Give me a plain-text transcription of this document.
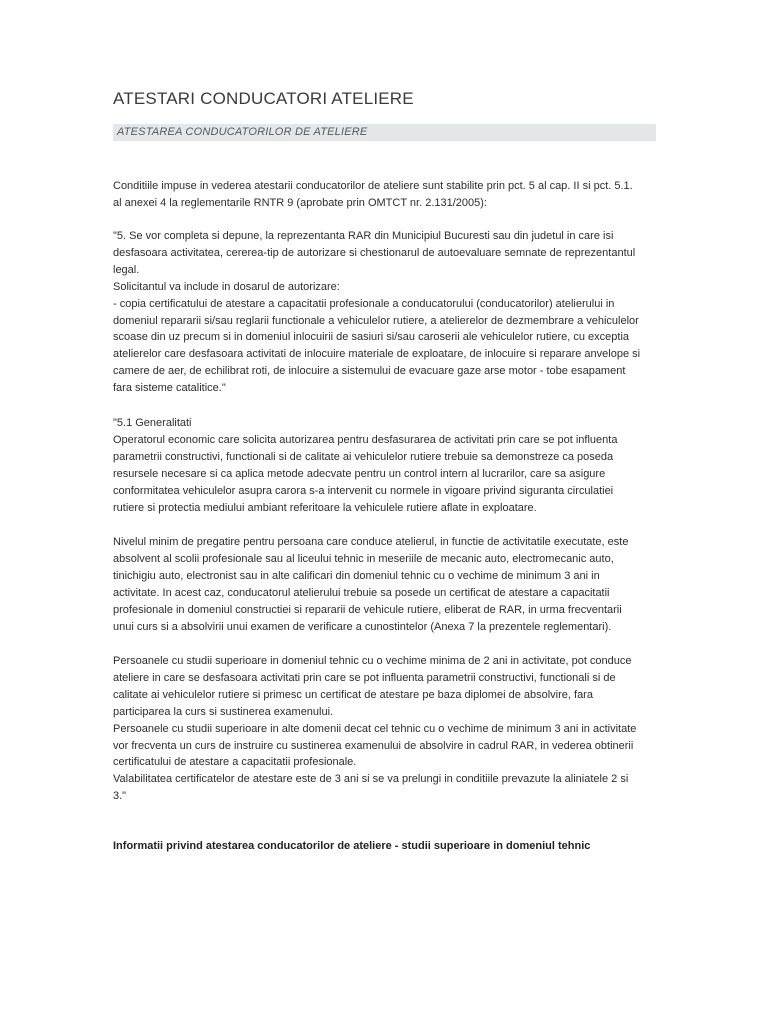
ATESTARI CONDUCATORI ATELIERE
ATESTAREA CONDUCATORILOR DE ATELIERE
Conditiile impuse in vederea atestarii conducatorilor de ateliere sunt stabilite prin pct. 5 al cap. II si pct. 5.1.
al anexei 4 la reglementarile RNTR 9 (aprobate prin OMTCT nr. 2.131/2005):
"5. Se vor completa si depune, la reprezentanta RAR din Municipiul Bucuresti sau din judetul in care isi
desfasoara activitatea, cererea-tip de autorizare si chestionarul de autoevaluare semnate de reprezentantul
legal.
Solicitantul va include in dosarul de autorizare:
- copia certificatului de atestare a capacitatii profesionale a conducatorului (conducatorilor) atelierului in
domeniul repararii si/sau reglarii functionale a vehiculelor rutiere, a atelierelor de dezmembrare a vehiculelor
scoase din uz precum si in domeniul inlocuirii de sasiuri si/sau caroserii ale vehiculelor rutiere, cu exceptia
atelierelor care desfasoara activitati de inlocuire materiale de exploatare, de inlocuire si reparare anvelope si
camere de aer, de echilibrat roti, de inlocuire a sistemului de evacuare gaze arse motor - tobe esapament
fara sisteme catalitice."
"5.1 Generalitati
Operatorul economic care solicita autorizarea pentru desfasurarea de activitati prin care se pot influenta
parametrii constructivi, functionali si de calitate ai vehiculelor rutiere trebuie sa demonstreze ca poseda
resursele necesare si ca aplica metode adecvate pentru un control intern al lucrarilor, care sa asigure
conformitatea vehiculelor asupra carora s-a intervenit cu normele in vigoare privind siguranta circulatiei
rutiere si protectia mediului ambiant referitoare la vehiculele rutiere aflate in exploatare.
Nivelul minim de pregatire pentru persoana care conduce atelierul, in functie de activitatile executate, este
absolvent al scolii profesionale sau al liceului tehnic in meseriile de mecanic auto, electromecanic auto,
tinichigiu auto, electronist sau in alte calificari din domeniul tehnic cu o vechime de minimum 3 ani in
activitate. In acest caz, conducatorul atelierului trebuie sa posede un certificat de atestare a capacitatii
profesionale in domeniul constructiei si repararii de vehicule rutiere, eliberat de RAR, in urma frecventarii
unui curs si a absolvirii unui examen de verificare a cunostintelor (Anexa 7 la prezentele reglementari).
Persoanele cu studii superioare in domeniul tehnic cu o vechime minima de 2 ani in activitate, pot conduce
ateliere in care se desfasoara activitati prin care se pot influenta parametrii constructivi, functionali si de
calitate ai vehiculelor rutiere si primesc un certificat de atestare pe baza diplomei de absolvire, fara
participarea la curs si sustinerea examenului.
Persoanele cu studii superioare in alte domenii decat cel tehnic cu o vechime de minimum 3 ani in activitate
vor frecventa un curs de instruire cu sustinerea examenului de absolvire in cadrul RAR, in vederea obtinerii
certificatului de atestare a capacitatii profesionale.
Valabilitatea certificatelor de atestare este de 3 ani si se va prelungi in conditiile prevazute la aliniatele 2 si
3."
Informatii privind atestarea conducatorilor de ateliere - studii superioare in domeniul tehnic
